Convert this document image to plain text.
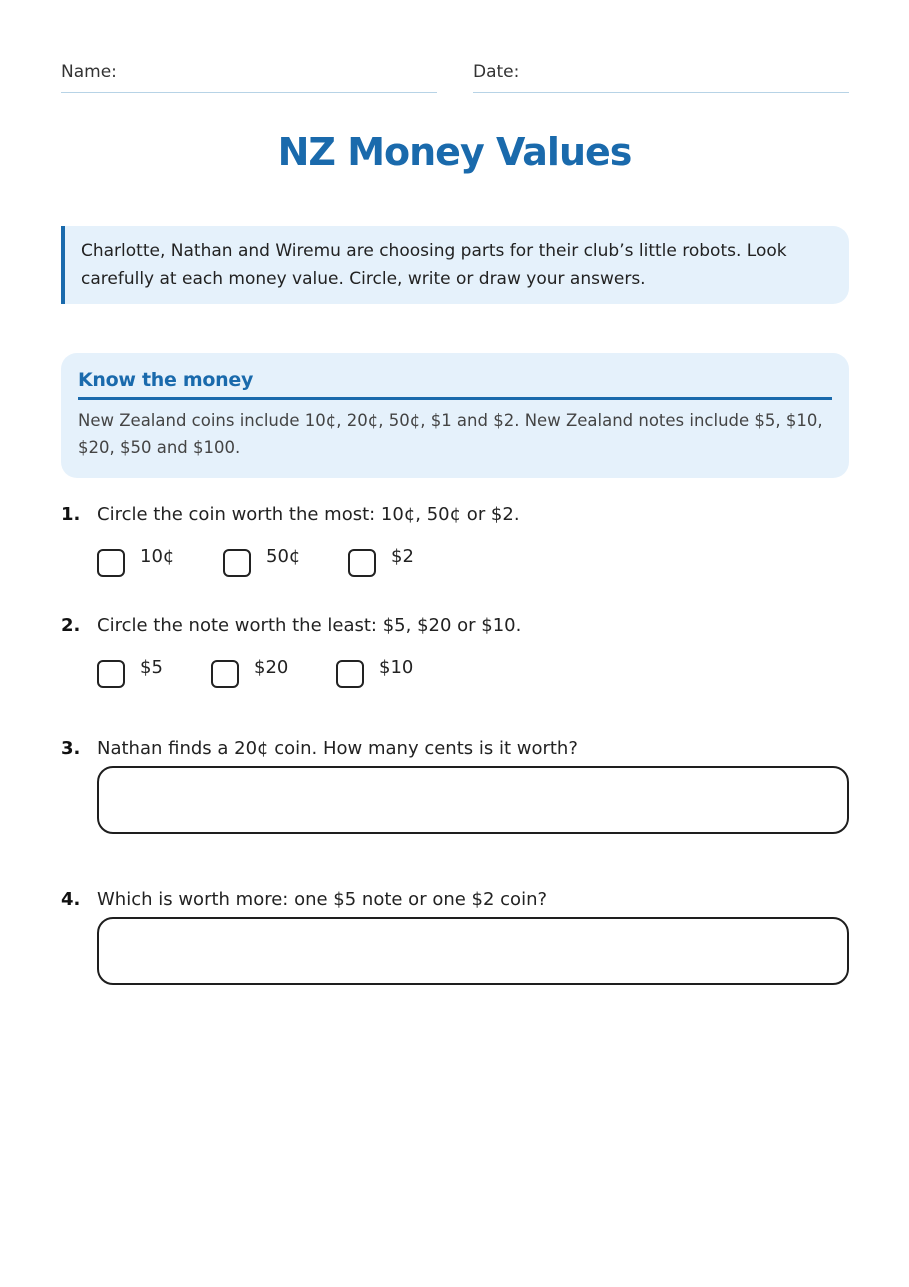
Name:	Date:
NZ Money Values
Charlotte, Nathan and Wiremu are choosing parts for their club’s little robots. Look carefully at each money value. Circle, write or draw your answers.
Know the money
New Zealand coins include 10¢, 20¢, 50¢, $1 and $2. New Zealand notes include $5, $10, $20, $50 and $100.
1. Circle the coin worth the most: 10¢, 50¢ or $2.
10¢	50¢	$2
2. Circle the note worth the least: $5, $20 or $10.
$5	$20	$10
3. Nathan finds a 20¢ coin. How many cents is it worth?
4. Which is worth more: one $5 note or one $2 coin?
